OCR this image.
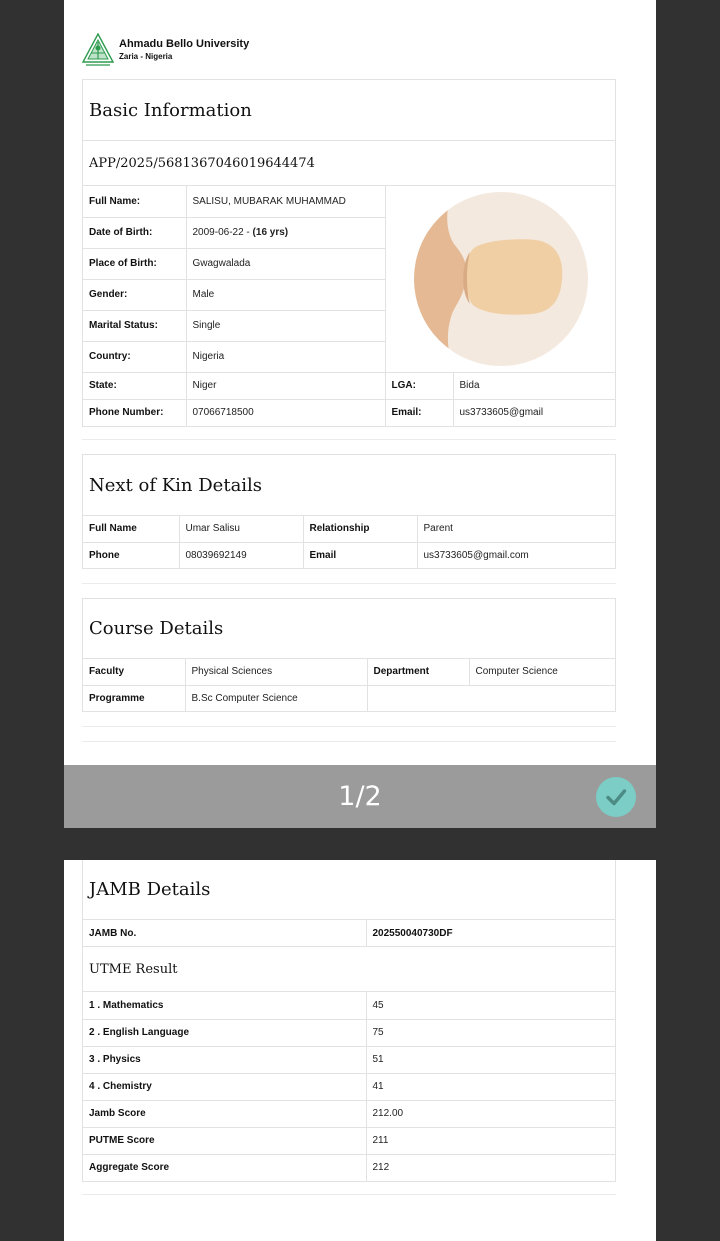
Ahmadu Bello University
Zaria - Nigeria
Basic Information
APP/2025/5681367046019644474
Full Name:	SALISU, MUBARAK MUHAMMAD	

Date of Birth:	2009-06-22 - (16 yrs)		
Place of Birth:	Gwagwalada		
Gender:	Male		
Marital Status:	Single		
Country:	Nigeria		
State:	Niger	LGA:	Bida
Phone Number:	07066718500	Email:	us3733605@gmail
Next of Kin Details
Full Name	Umar Salisu	Relationship	Parent
Phone	08039692149	Email	us3733605@gmail.com
Course Details
Faculty	Physical Sciences	Department	Computer Science
Programme	B.Sc Computer Science		
1/2
JAMB Details
JAMB No.	202550040730DF
UTME Result
1 . Mathematics	45
2 . English Language	75
3 . Physics	51
4 . Chemistry	41
Jamb Score	212.00
PUTME Score	211
Aggregate Score	212
